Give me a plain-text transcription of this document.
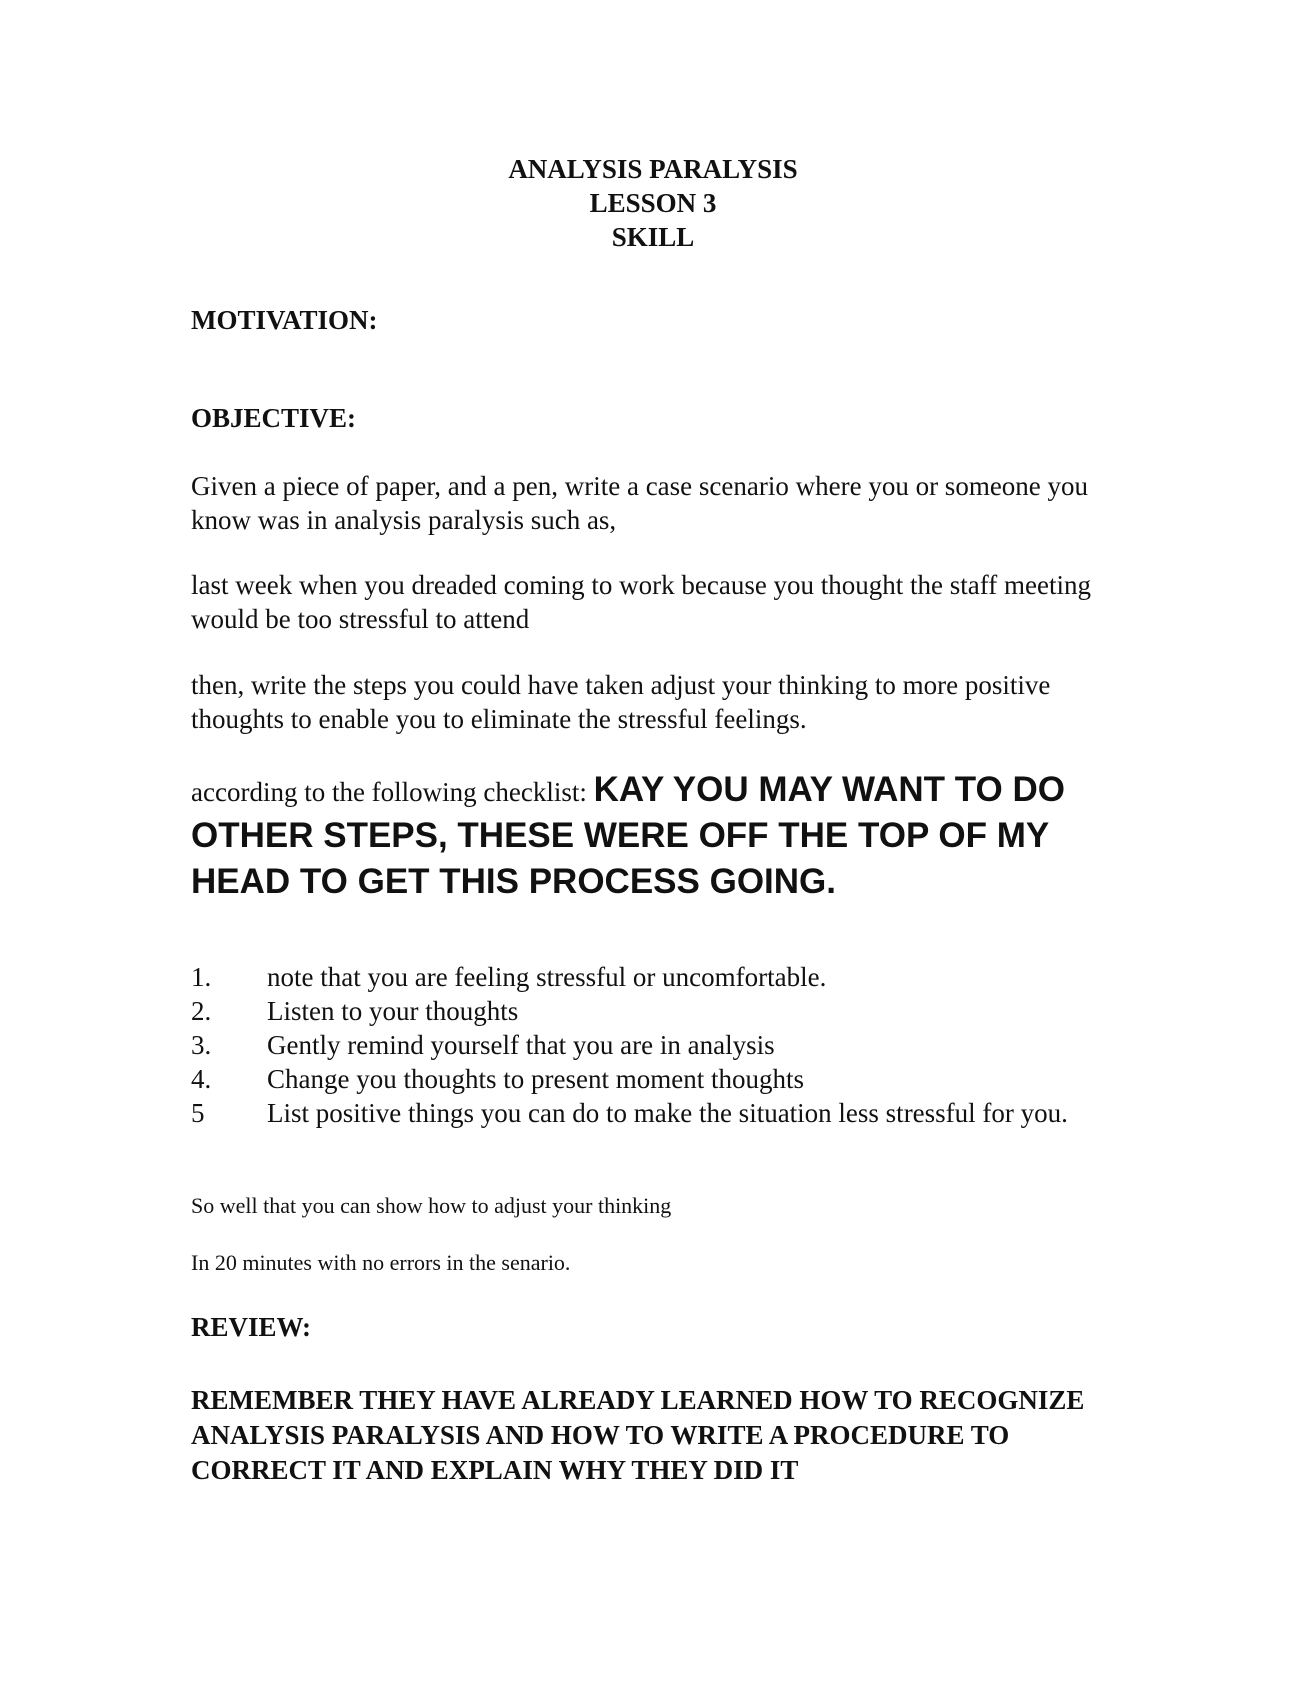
ANALYSIS PARALYSIS
LESSON 3
SKILL
MOTIVATION:
OBJECTIVE:
Given a piece of paper, and a pen, write a case scenario where you or someone you know was in analysis paralysis such as,
last week when you dreaded coming to work because you thought the staff meeting would be too stressful to attend
then, write the steps you could have taken adjust your thinking to more positive thoughts to enable you to eliminate the stressful feelings.
according to the following checklist: KAY YOU MAY WANT TO DO OTHER STEPS, THESE WERE OFF THE TOP OF MY HEAD TO GET THIS PROCESS GOING.
1.	note that you are feeling stressful or uncomfortable.
2.	Listen to your thoughts
3.	Gently remind yourself that you are in analysis
4.	Change you thoughts to present moment thoughts
5	List positive things you can do to make the situation less stressful for you.
So well that you can show how to adjust your thinking
In 20 minutes with no errors in the senario.
REVIEW:
REMEMBER THEY HAVE ALREADY LEARNED HOW TO RECOGNIZE ANALYSIS PARALYSIS AND HOW TO WRITE A PROCEDURE TO CORRECT IT AND EXPLAIN WHY THEY DID IT
